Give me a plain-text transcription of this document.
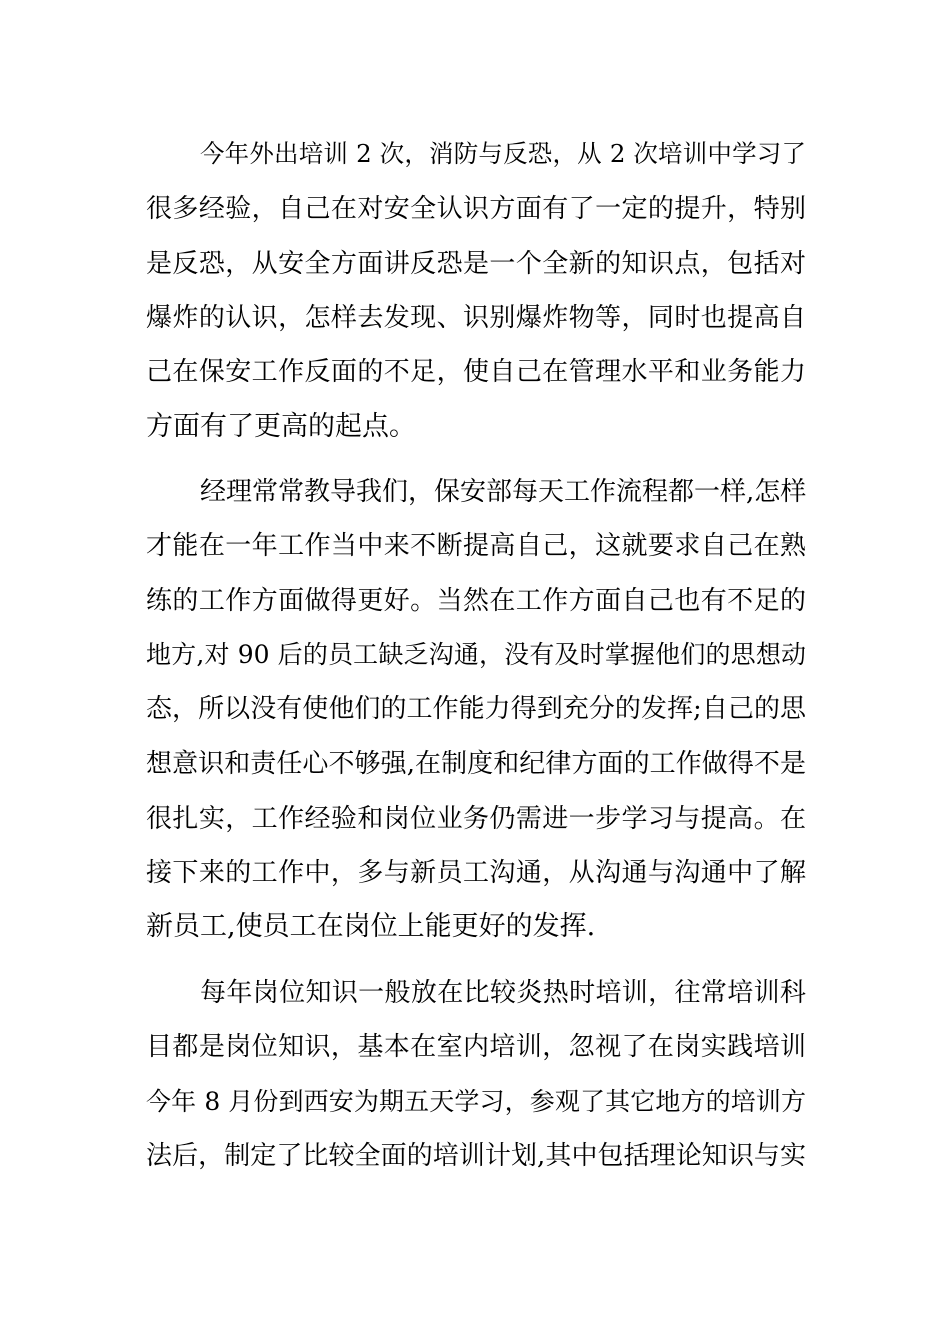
今年外出培训 2 次，消防与反恐，从 2 次培训中学习了
很多经验，自己在对安全认识方面有了一定的提升，特别
是反恐，从安全方面讲反恐是一个全新的知识点，包括对
爆炸的认识，怎样去发现、识别爆炸物等，同时也提高自
己在保安工作反面的不足，使自己在管理水平和业务能力
方面有了更高的起点。
经理常常教导我们，保安部每天工作流程都一样,怎样
才能在一年工作当中来不断提高自己，这就要求自己在熟
练的工作方面做得更好。当然在工作方面自己也有不足的
地方,对 90 后的员工缺乏沟通，没有及时掌握他们的思想动
态，所以没有使他们的工作能力得到充分的发挥;自己的思
想意识和责任心不够强,在制度和纪律方面的工作做得不是
很扎实，工作经验和岗位业务仍需进一步学习与提高。在
接下来的工作中，多与新员工沟通，从沟通与沟通中了解
新员工,使员工在岗位上能更好的发挥.
每年岗位知识一般放在比较炎热时培训，往常培训科
目都是岗位知识，基本在室内培训，忽视了在岗实践培训
今年 8 月份到西安为期五天学习，参观了其它地方的培训方
法后，制定了比较全面的培训计划,其中包括理论知识与实
